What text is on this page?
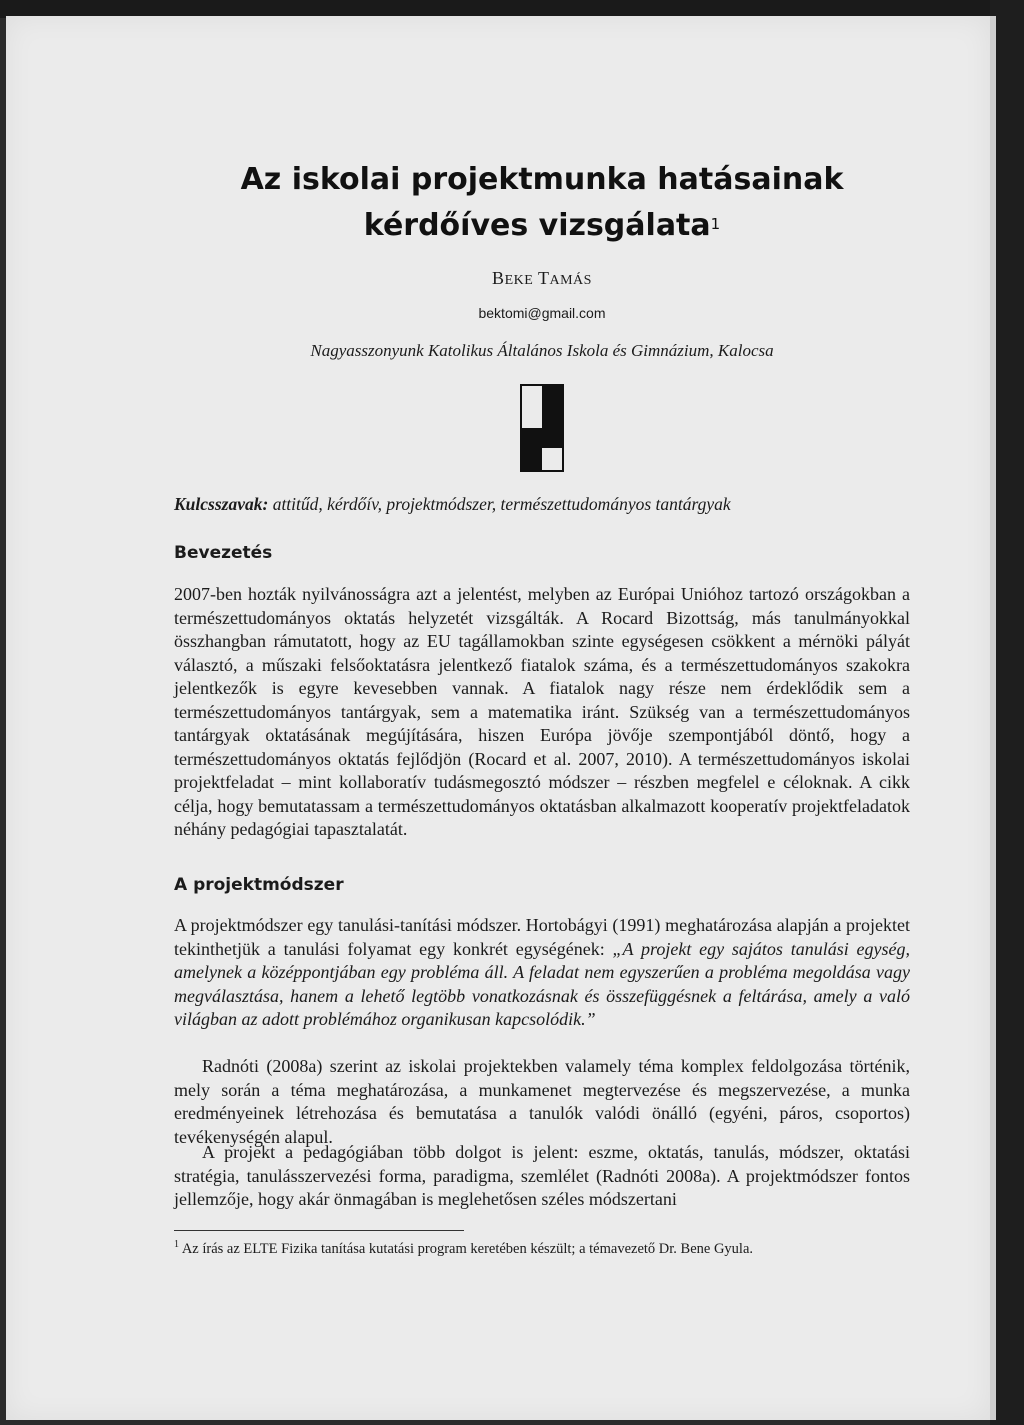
Az iskolai projektmunka hatásainak
kérdőíves vizsgálata$^1$
BEKE TAMÁS
bektomi@gmail.com
Nagyasszonyunk Katolikus Általános Iskola és Gimnázium, Kalocsa
Kulcsszavak: attitűd, kérdőív, projektmódszer, természettudományos tantárgyak
Bevezetés

2007-ben hozták nyilvánosságra azt a jelentést, melyben az Európai Unióhoz tartozó országokban a természettudományos oktatás helyzetét vizsgálták. A Rocard Bizottság, más tanulmányokkal összhangban rámutatott, hogy az EU tagállamokban szinte egységesen csökkent a mérnöki pályát választó, a műszaki felsőoktatásra jelentkező fiatalok száma, és a természettudományos szakokra jelentkezők is egyre kevesebben vannak. A fiatalok nagy része nem érdeklődik sem a természettudományos tantárgyak, sem a matematika iránt. Szükség van a természettudományos tantárgyak oktatásának megújítására, hiszen Európa jövője szempontjából döntő, hogy a természettudományos oktatás fejlődjön (Rocard et al. 2007, 2010). A természettudományos iskolai projektfeladat – mint kollaboratív tudásmegosztó módszer – részben megfelel e céloknak. A cikk célja, hogy bemutatassam a természettudományos oktatásban alkalmazott kooperatív projektfeladatok néhány pedagógiai tapasztalatát.

A projektmódszer

A projektmódszer egy tanulási-tanítási módszer. Hortobágyi (1991) meghatározása alapján a projektet tekinthetjük a tanulási folyamat egy konkrét egységének: „A projekt egy sajátos tanulási egység, amelynek a középpontjában egy probléma áll. A feladat nem egyszerűen a probléma megoldása vagy megválasztása, hanem a lehető legtöbb vonatkozásnak és összefüggésnek a feltárása, amely a való világban az adott problémához organikusan kapcsolódik.”

Radnóti (2008a) szerint az iskolai projektekben valamely téma komplex feldolgozása történik, mely során a téma meghatározása, a munkamenet megtervezése és megszervezése, a munka eredményeinek létrehozása és bemutatása a tanulók valódi önálló (egyéni, páros, csoportos) tevékenységén alapul.

A projekt a pedagógiában több dolgot is jelent: eszme, oktatás, tanulás, módszer, oktatási stratégia, tanulásszervezési forma, paradigma, szemlélet (Radnóti 2008a). A projektmódszer fontos jellemzője, hogy akár önmagában is meglehetősen széles módszertani

$^1$ Az írás az ELTE Fizika tanítása kutatási program keretében készült; a témavezető Dr. Bene Gyula.
